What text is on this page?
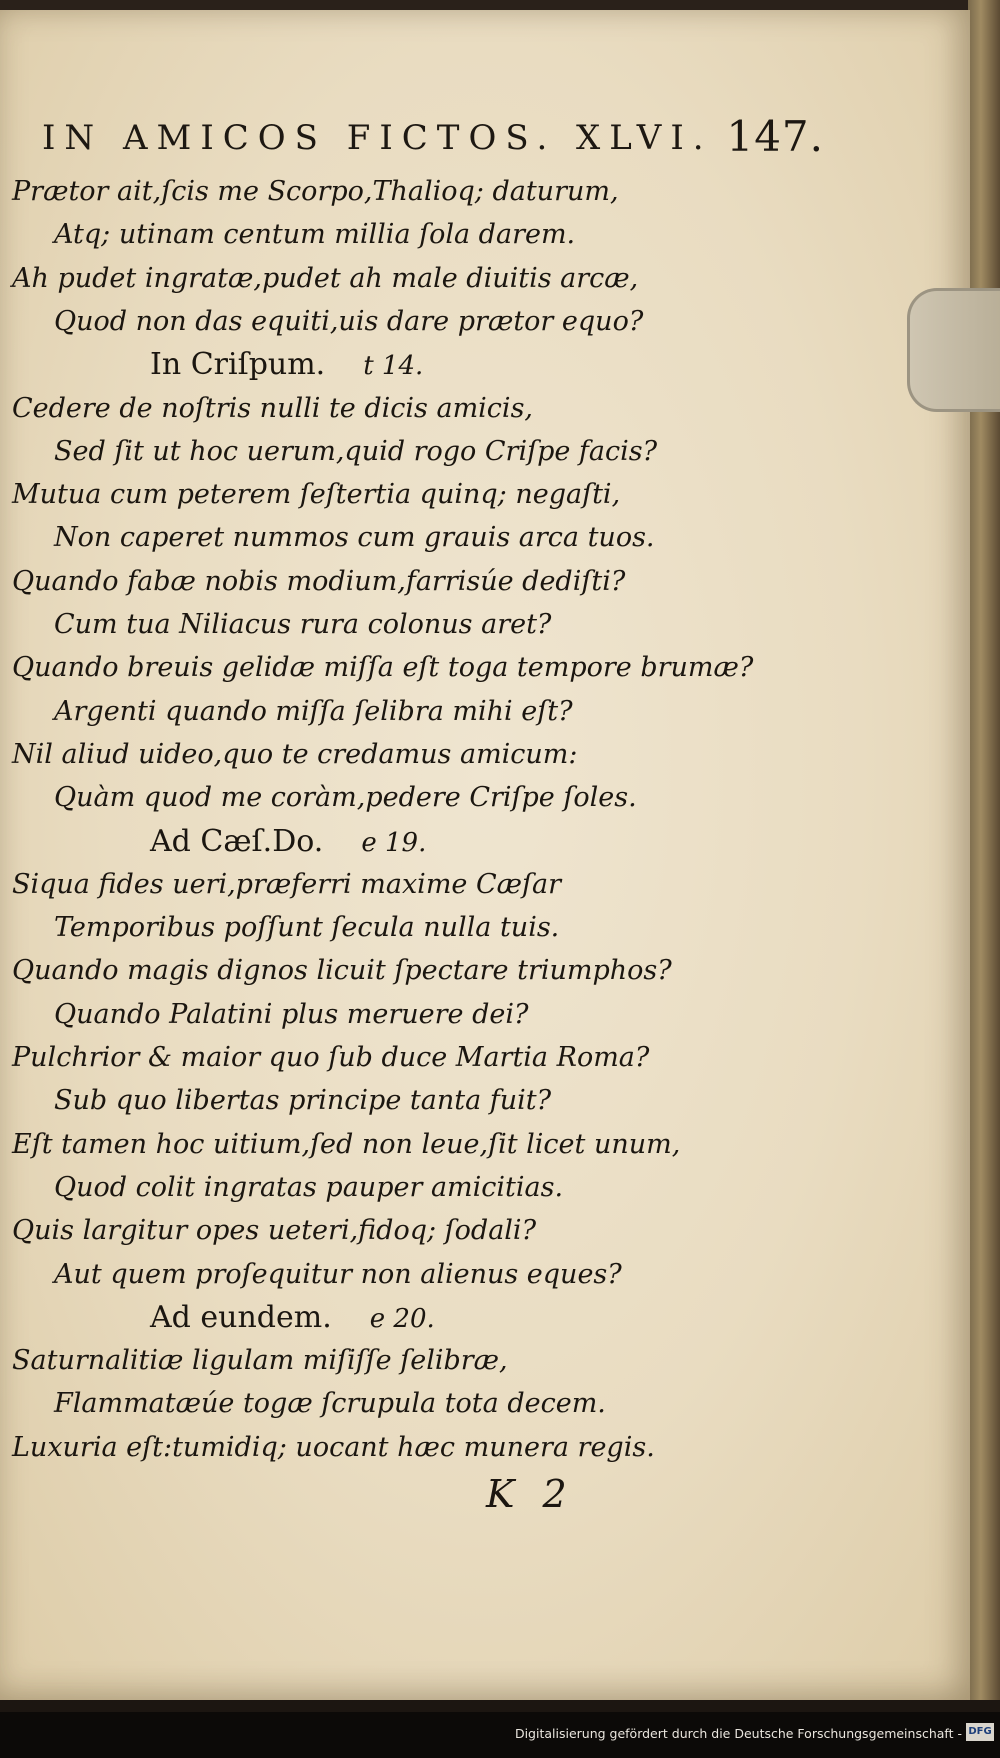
IN AMICOS FICTOS. XLVI. 147.
Prætor ait,ſcis me Scorpo,Thalioq; daturum,
Atq; utinam centum millia ſola darem.
Ah pudet ingratæ,pudet ah male diuitis arcæ,
Quod non das equiti,uis dare prætor equo?
In Criſpum. t 14.
Cedere de noſtris nulli te dicis amicis,
Sed ſit ut hoc uerum,quid rogo Criſpe facis?
Mutua cum peterem ſeſtertia quinq; negaſti,
Non caperet nummos cum grauis arca tuos.
Quando fabæ nobis modium,farrisúe dediſti?
Cum tua Niliacus rura colonus aret?
Quando breuis gelidæ miſſa eſt toga tempore brumæ?
Argenti quando miſſa ſelibra mihi eſt?
Nil aliud uideo,quo te credamus amicum:
Quàm quod me coràm,pedere Criſpe ſoles.
Ad Cæſ.Do. e 19.
Siqua fides ueri,præferri maxime Cæſar
Temporibus poſſunt ſecula nulla tuis.
Quando magis dignos licuit ſpectare triumphos?
Quando Palatini plus meruere dei?
Pulchrior & maior quo ſub duce Martia Roma?
Sub quo libertas principe tanta fuit?
Eſt tamen hoc uitium,ſed non leue,ſit licet unum,
Quod colit ingratas pauper amicitias.
Quis largitur opes ueteri,fidoq; ſodali?
Aut quem proſequitur non alienus eques?
Ad eundem. e 20.
Saturnalitiæ ligulam miſiſſe ſelibræ,
Flammatæúe togæ ſcrupula tota decem.
Luxuria eſt:tumidiq; uocant hæc munera regis.
K 2
Digitalisierung gefördert durch die Deutsche Forschungsgemeinschaft - DFG
